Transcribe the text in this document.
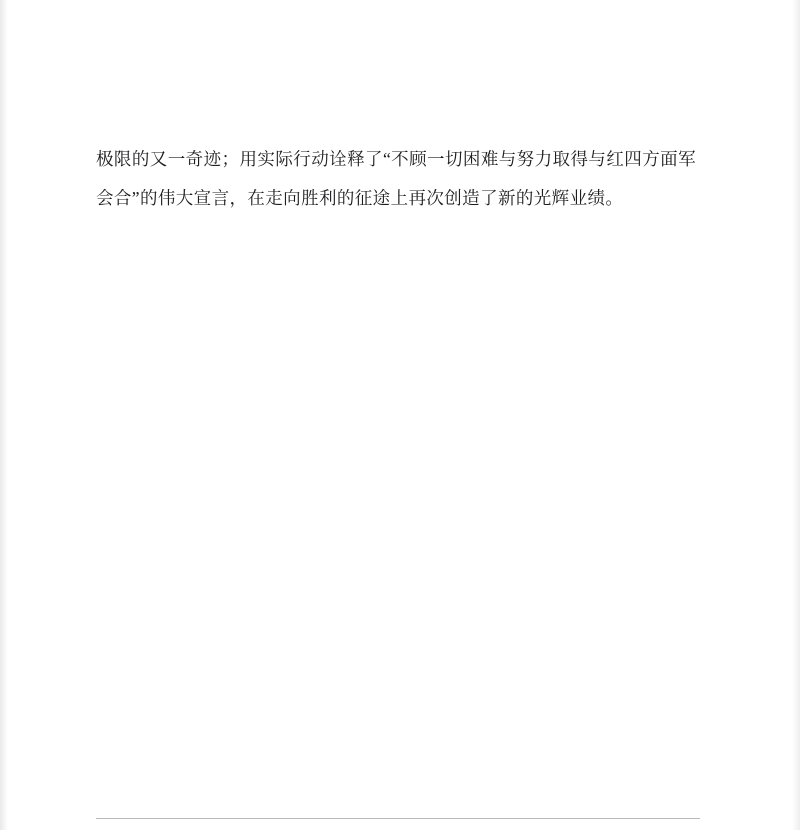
极限的又一奇迹；用实际行动诠释了“不顾一切困难与努力取得与红四方面军会合”的伟大宣言，在走向胜利的征途上再次创造了新的光辉业绩。
